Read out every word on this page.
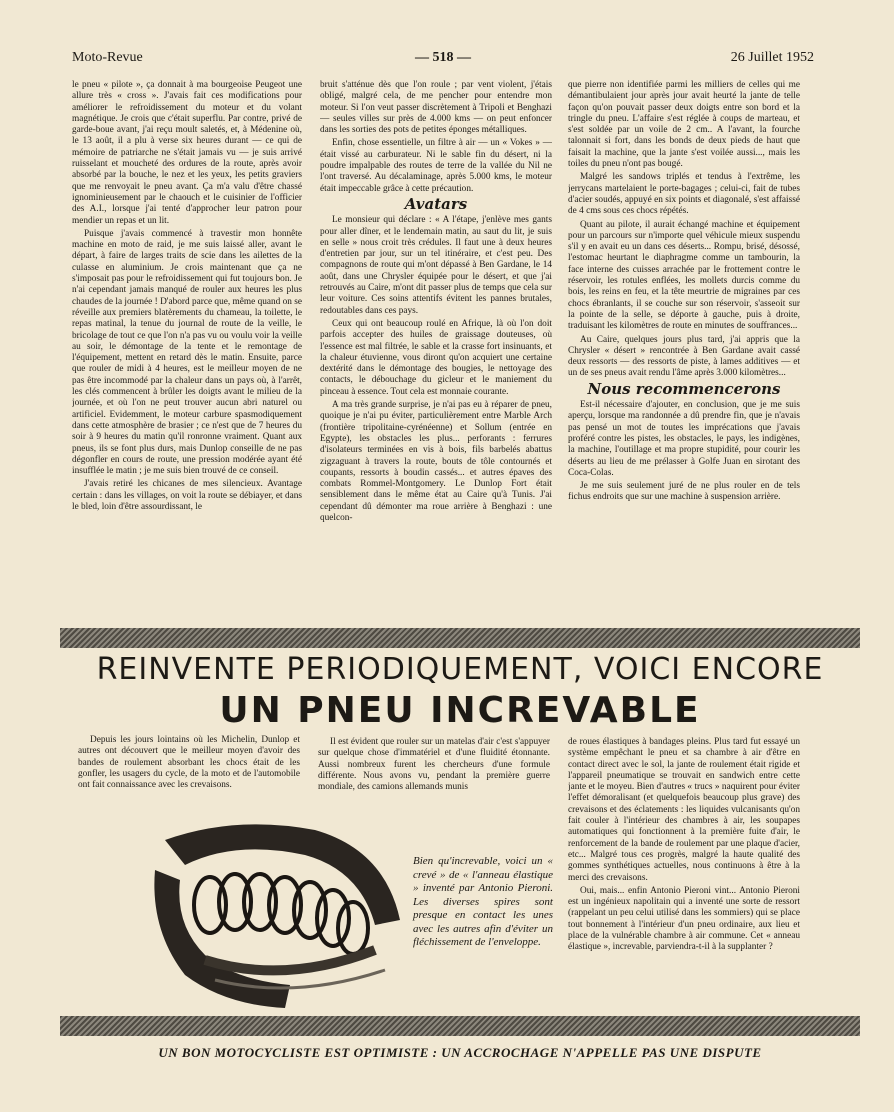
Moto-Revue	— 518 —	26 Juillet 1952

le pneu « pilote », ça donnait à ma bourgeoise Peugeot une allure très « cross ». J'avais fait ces modifications pour améliorer le refroidissement du moteur et du volant magnétique. Je crois que c'était superflu. Par contre, privé de garde-boue avant, j'ai reçu moult saletés, et, à Médenine où, le 13 août, il a plu à verse six heures durant — ce qui de mémoire de patriarche ne s'était jamais vu — je suis arrivé ruisselant et moucheté des ordures de la route, après avoir absorbé par la bouche, le nez et les yeux, les petits graviers que me renvoyait le pneu avant. Ça m'a valu d'être chassé ignominieusement par le chaouch et le cuisinier de l'officier des A.I., lorsque j'ai tenté d'approcher leur patron pour mendier un repas et un lit.

Puisque j'avais commencé à travestir mon honnête machine en moto de raid, je me suis laissé aller, avant le départ, à faire de larges traits de scie dans les ailettes de la culasse en aluminium. Je crois maintenant que ça ne s'imposait pas pour le refroidissement qui fut toujours bon. Je n'ai cependant jamais manqué de rouler aux heures les plus chaudes de la journée ! D'abord parce que, même quand on se réveille aux premiers blatèrements du chameau, la toilette, le repas matinal, la tenue du journal de route de la veille, le bricolage de tout ce que l'on n'a pas vu ou voulu voir la veille au soir, le démontage de la tente et le remontage de l'équipement, mettent en retard dès le matin. Ensuite, parce que rouler de midi à 4 heures, est le meilleur moyen de ne pas être incommodé par la chaleur dans un pays où, à l'arrêt, les clés commencent à brûler les doigts avant le milieu de la journée, et où l'on ne peut trouver aucun abri naturel ou artificiel. Evidemment, le moteur carbure spasmodiquement dans cette atmosphère de brasier ; ce n'est que de 7 heures du soir à 9 heures du matin qu'il ronronne vraiment. Quant aux pneus, ils se font plus durs, mais Dunlop conseille de ne pas dégonfler en cours de route, une pression modérée ayant été insufflée le matin ; je me suis bien trouvé de ce conseil.

J'avais retiré les chicanes de mes silencieux. Avantage certain : dans les villages, on voit la route se débiayer, et dans le bled, loin d'être assourdissant, le

bruit s'atténue dès que l'on roule ; par vent violent, j'étais obligé, malgré cela, de me pencher pour entendre mon moteur. Si l'on veut passer discrètement à Tripoli et Benghazi — seules villes sur près de 4.000 kms — on peut enfoncer dans les sorties des pots de petites éponges métalliques.

Enfin, chose essentielle, un filtre à air — un « Vokes » — était vissé au carburateur. Ni le sable fin du désert, ni la poudre impalpable des routes de terre de la vallée du Nil ne l'ont traversé. Au décalaminage, après 5.000 kms, le moteur était impeccable grâce à cette précaution.

Avatars

Le monsieur qui déclare : « A l'étape, j'enlève mes gants pour aller dîner, et le lendemain matin, au saut du lit, je suis en selle » nous croit très crédules. Il faut une à deux heures d'entretien par jour, sur un tel itinéraire, et c'est peu. Des compagnons de route qui m'ont dépassé à Ben Gardane, le 14 août, dans une Chrysler équipée pour le désert, et que j'ai retrouvés au Caire, m'ont dit passer plus de temps que cela sur leur voiture. Ces soins attentifs évitent les pannes brutales, redoutables dans ces pays.

Ceux qui ont beaucoup roulé en Afrique, là où l'on doit parfois accepter des huiles de graissage douteuses, où l'essence est mal filtrée, le sable et la crasse fort insinuants, et la chaleur étuvienne, vous diront qu'on acquiert une certaine dextérité dans le démontage des bougies, le nettoyage des contacts, le débouchage du gicleur et le maniement du pinceau à essence. Tout cela est monnaie courante.

A ma très grande surprise, je n'ai pas eu à réparer de pneu, quoique je n'ai pu éviter, particulièrement entre Marble Arch (frontière tripolitaine-cyrénéenne) et Sollum (entrée en Egypte), les obstacles les plus... perforants : ferrures d'isolateurs terminées en vis à bois, fils barbelés abattus zigzaguant à travers la route, bouts de tôle contournés et coupants, ressorts à boudin cassés... et autres épaves des combats Rommel-Montgomery. Le Dunlop Fort était sensiblement dans le même état au Caire qu'à Tunis. J'ai cependant dû démonter ma roue arrière à Benghazi : une quelcon-

que pierre non identifiée parmi les milliers de celles qui me démantibulaient jour après jour avait heurté la jante de telle façon qu'on pouvait passer deux doigts entre son bord et la tringle du pneu. L'affaire s'est réglée à coups de marteau, et s'est soldée par un voile de 2 cm.. A l'avant, la fourche talonnait si fort, dans les bonds de deux pieds de haut que faisait la machine, que la jante s'est voilée aussi..., mais les toiles du pneu n'ont pas bougé.

Malgré les sandows triplés et tendus à l'extrême, les jerrycans martelaient le porte-bagages ; celui-ci, fait de tubes d'acier soudés, appuyé en six points et diagonalé, s'est affaissé de 4 cms sous ces chocs répétés.

Quant au pilote, il aurait échangé machine et équipement pour un parcours sur n'importe quel véhicule mieux suspendu s'il y en avait eu un dans ces déserts... Rompu, brisé, désossé, l'estomac heurtant le diaphragme comme un tambourin, la face interne des cuisses arrachée par le frottement contre le réservoir, les rotules enflées, les mollets durcis comme du bois, les reins en feu, et la tête meurtrie de migraines par ces chocs ébranlants, il se couche sur son réservoir, s'asseoit sur la pointe de la selle, se déporte à gauche, puis à droite, traduisant les kilomètres de route en minutes de souffrances...

Au Caire, quelques jours plus tard, j'ai appris que la Chrysler « désert » rencontrée à Ben Gardane avait cassé deux ressorts — des ressorts de piste, à lames additives — et un de ses pneus avait rendu l'âme après 3.000 kilomètres...

Nous recommencerons

Est-il nécessaire d'ajouter, en conclusion, que je me suis aperçu, lorsque ma randonnée a dû prendre fin, que je n'avais pas pensé un mot de toutes les imprécations que j'avais proféré contre les pistes, les obstacles, le pays, les indigènes, la machine, l'outillage et ma propre stupidité, pour courir les déserts au lieu de me prélasser à Golfe Juan en sirotant des Coca-Colas.

Je me suis seulement juré de ne plus rouler en de tels fichus endroits que sur une machine à suspension arrière.

REINVENTE PERIODIQUEMENT, VOICI ENCORE
UN PNEU INCREVABLE

Depuis les jours lointains où les Michelin, Dunlop et autres ont découvert que le meilleur moyen d'avoir des bandes de roulement absorbant les chocs était de les gonfler, les usagers du cycle, de la moto et de l'automobile ont fait connaissance avec les crevaisons.

Il est évident que rouler sur un matelas d'air c'est s'appuyer sur quelque chose d'immatériel et d'une fluidité étonnante. Aussi nombreux furent les chercheurs d'une formule différente. Nous avons vu, pendant la première guerre mondiale, des camions allemands munis

de roues élastiques à bandages pleins. Plus tard fut essayé un système empêchant le pneu et sa chambre à air d'être en contact direct avec le sol, la jante de roulement était rigide et l'appareil pneumatique se trouvait en sandwich entre cette jante et le moyeu. Bien d'autres « trucs » naquirent pour éviter l'effet démoralisant (et quelquefois beaucoup plus grave) des crevaisons et des éclatements : les liquides vulcanisants qu'on fait couler à l'intérieur des chambres à air, les soupapes automatiques qui fonctionnent à la première fuite d'air, le renforcement de la bande de roulement par une plaque d'acier, etc... Malgré tous ces progrès, malgré la haute qualité des gommes synthétiques actuelles, nous continuons à être à la merci des crevaisons.

Oui, mais... enfin Antonio Pieroni vint... Antonio Pieroni est un ingénieux napolitain qui a inventé une sorte de ressort (rappelant un peu celui utilisé dans les sommiers) qui se place tout bonnement à l'intérieur d'un pneu ordinaire, aux lieu et place de la vulnérable chambre à air commune. Cet « anneau élastique », increvable, parviendra-t-il à la supplanter ?

Bien qu'increvable, voici un « crevé » de « l'anneau élastique » inventé par Antonio Pieroni. Les diverses spires sont presque en contact les unes avec les autres afin d'éviter un fléchissement de l'enveloppe.
UN BON MOTOCYCLISTE EST OPTIMISTE : UN ACCROCHAGE N'APPELLE PAS UNE DISPUTE
